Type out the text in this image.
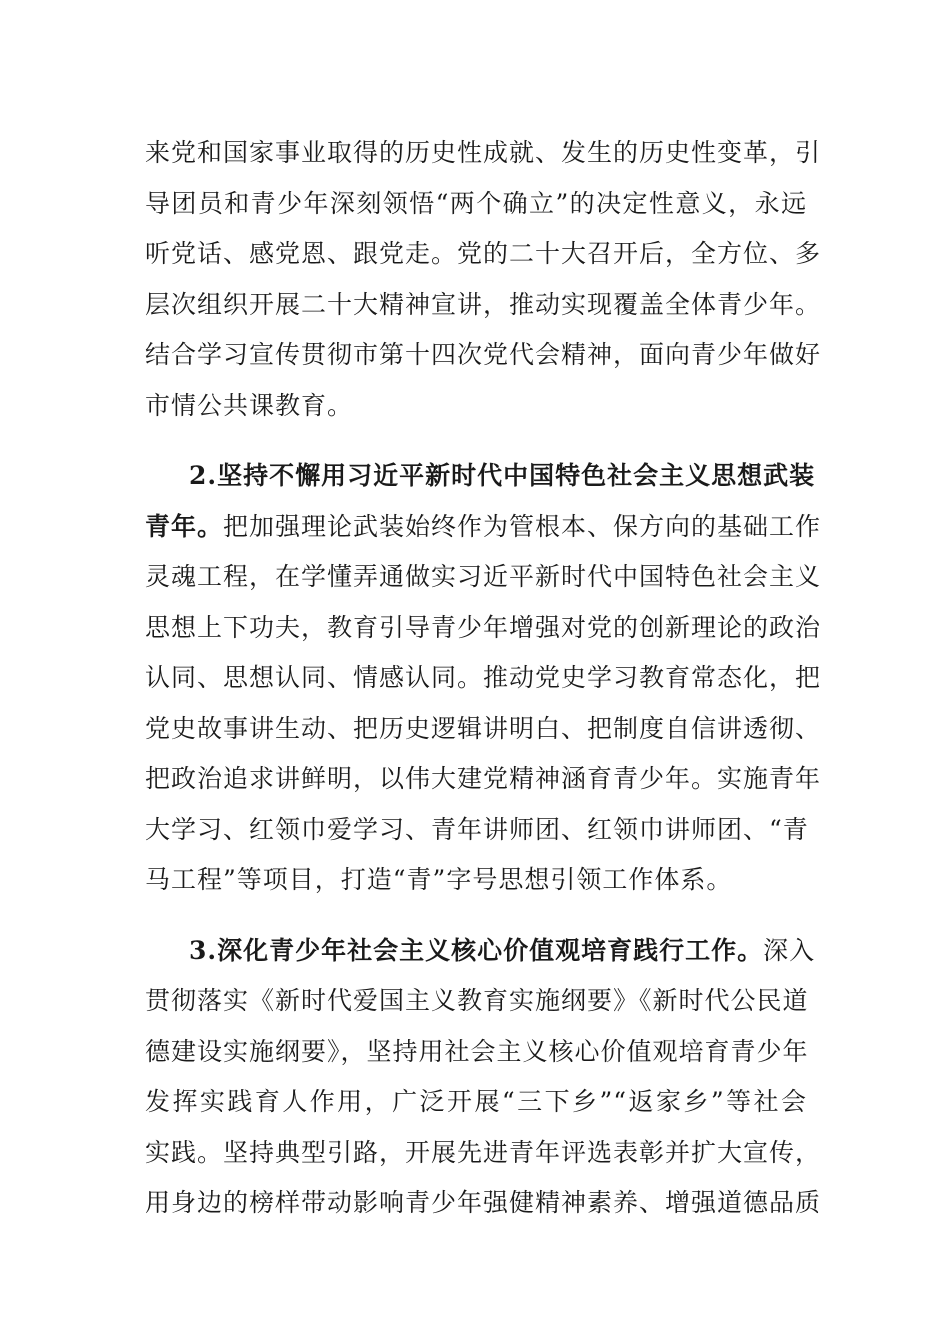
来党和国家事业取得的历史性成就、发生的历史性变革，引
导团员和青少年深刻领悟“两个确立”的决定性意义，永远
听党话、感党恩、跟党走。党的二十大召开后，全方位、多
层次组织开展二十大精神宣讲，推动实现覆盖全体青少年。
结合学习宣传贯彻市第十四次党代会精神，面向青少年做好
市情公共课教育。
2.坚持不懈用习近平新时代中国特色社会主义思想武装
青年。把加强理论武装始终作为管根本、保方向的基础工作
灵魂工程，在学懂弄通做实习近平新时代中国特色社会主义
思想上下功夫，教育引导青少年增强对党的创新理论的政治
认同、思想认同、情感认同。推动党史学习教育常态化，把
党史故事讲生动、把历史逻辑讲明白、把制度自信讲透彻、
把政治追求讲鲜明，以伟大建党精神涵育青少年。实施青年
大学习、红领巾爱学习、青年讲师团、红领巾讲师团、“青
马工程”等项目，打造“青”字号思想引领工作体系。
3.深化青少年社会主义核心价值观培育践行工作。深入
贯彻落实《新时代爱国主义教育实施纲要》《新时代公民道
德建设实施纲要》，坚持用社会主义核心价值观培育青少年
发挥实践育人作用，广泛开展“三下乡”“返家乡”等社会
实践。坚持典型引路，开展先进青年评选表彰并扩大宣传，
用身边的榜样带动影响青少年强健精神素养、增强道德品质
